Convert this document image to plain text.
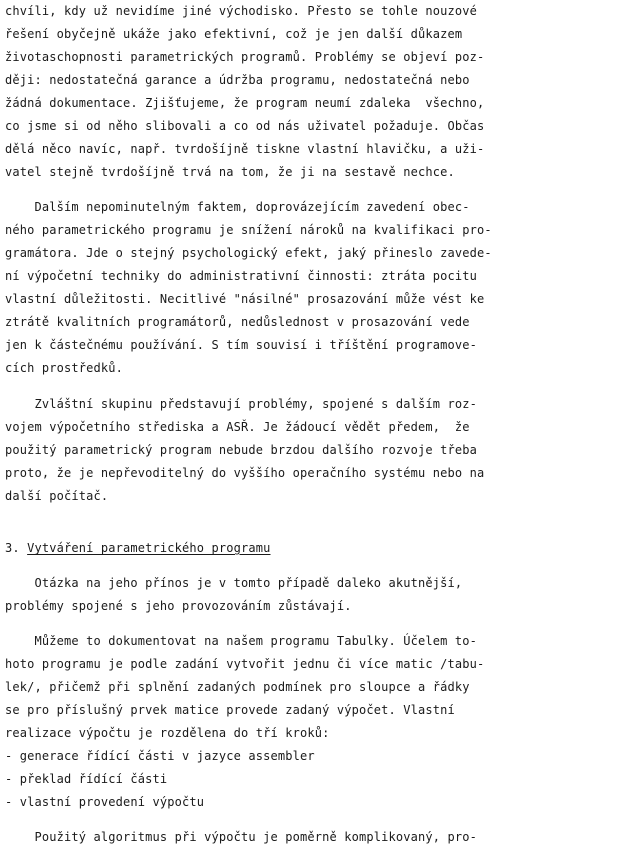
chvíli, kdy už nevidíme jiné východisko. Přesto se tohle nouzové
řešení obyčejně ukáže jako efektivní, což je jen další důkazem
životaschopnosti parametrických programů. Problémy se objeví poz-
ději: nedostatečná garance a údržba programu, nedostatečná nebo
žádná dokumentace. Zjišťujeme, že program neumí zdaleka  všechno,
co jsme si od něho slibovali a co od nás uživatel požaduje. Občas
dělá něco navíc, např. tvrdošíjně tiskne vlastní hlavičku, a uži-
vatel stejně tvrdošíjně trvá na tom, že ji na sestavě nechce.
Dalším nepominutelným faktem, doprovázejícím zavedení obec-
ného parametrického programu je snížení nároků na kvalifikaci pro-
gramátora. Jde o stejný psychologický efekt, jaký přineslo zavede-
ní výpočetní techniky do administrativní činnosti: ztráta pocitu
vlastní důležitosti. Necitlivé "násilné" prosazování může vést ke
ztrátě kvalitních programátorů, nedůslednost v prosazování vede
jen k částečnému používání. S tím souvisí i tříštění programove-
cích prostředků.
Zvláštní skupinu představují problémy, spojené s dalším roz-
vojem výpočetního střediska a ASŘ. Je žádoucí vědět předem,  že
použitý parametrický program nebude brzdou dalšího rozvoje třeba
proto, že je nepřevoditelný do vyššího operačního systému nebo na
další počítač.
3. Vytváření parametrického programu
Otázka na jeho přínos je v tomto případě daleko akutnější,
problémy spojené s jeho provozováním zůstávají.
Můžeme to dokumentovat na našem programu Tabulky. Účelem to-
hoto programu je podle zadání vytvořit jednu či více matic /tabu-
lek/, přičemž při splnění zadaných podmínek pro sloupce a řádky
se pro příslušný prvek matice provede zadaný výpočet. Vlastní
realizace výpočtu je rozdělena do tří kroků:
- generace řídící části v jazyce assembler
- překlad řídící části
- vlastní provedení výpočtu
Použitý algoritmus při výpočtu je poměrně komplikovaný, pro-
